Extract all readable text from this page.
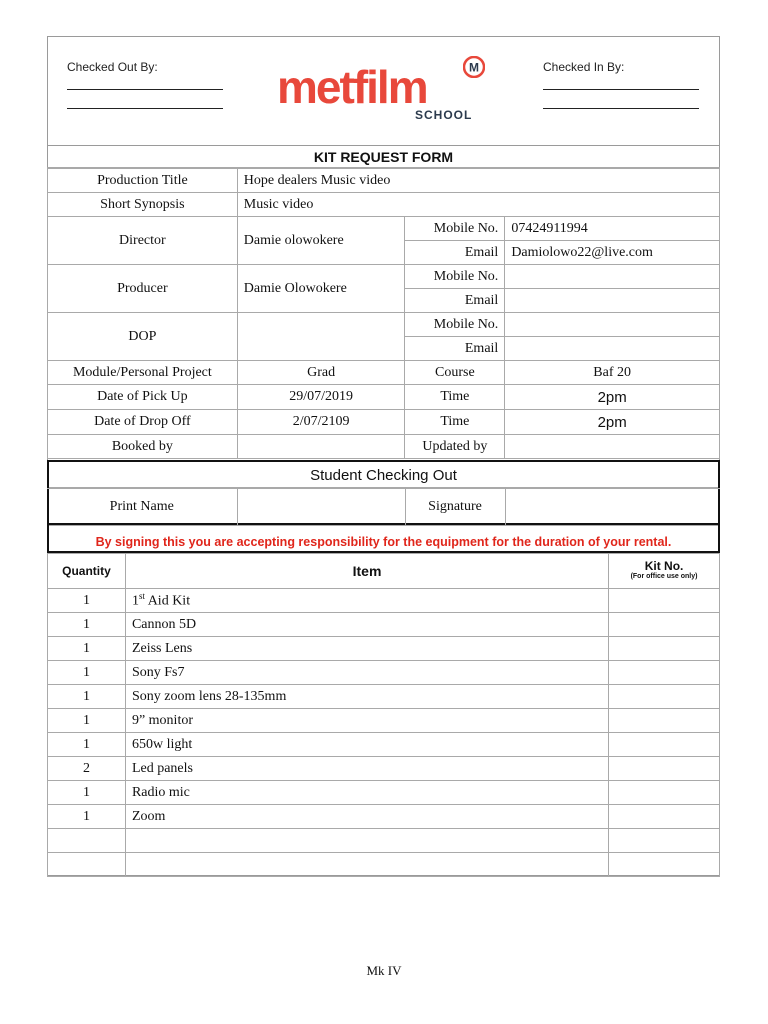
Checked Out By:	metfilm	M
SCHOOL
Checked In By:
KIT REQUEST FORM
Production Title	Hope dealers Music video		
Short Synopsis	Music video		
Director	Damie olowokere	Mobile No.	07424911994
		Email	Damiolowo22@live.com
Producer	Damie Olowokere	Mobile No.	
		Email	
DOP		Mobile No.	
		Email	
Module/Personal Project	Grad	Course	Baf 20
Date of Pick Up	29/07/2019	Time	2pm
Date of Drop Off	2/07/2109	Time	2pm
Booked by		Updated by	
Student Checking Out
Print Name		Signature	
By signing this you are accepting responsibility for the equipment for the duration of your rental.
Quantity	Item	Kit No.
(For office use only)

1	1st Aid Kit	
1	Cannon 5D	
1	Zeiss Lens	
1	Sony Fs7	
1	Sony zoom lens 28-135mm	
1	9” monitor	
1	650w light	
2	Led panels	
1	Radio mic	
1	Zoom	

Mk IV
